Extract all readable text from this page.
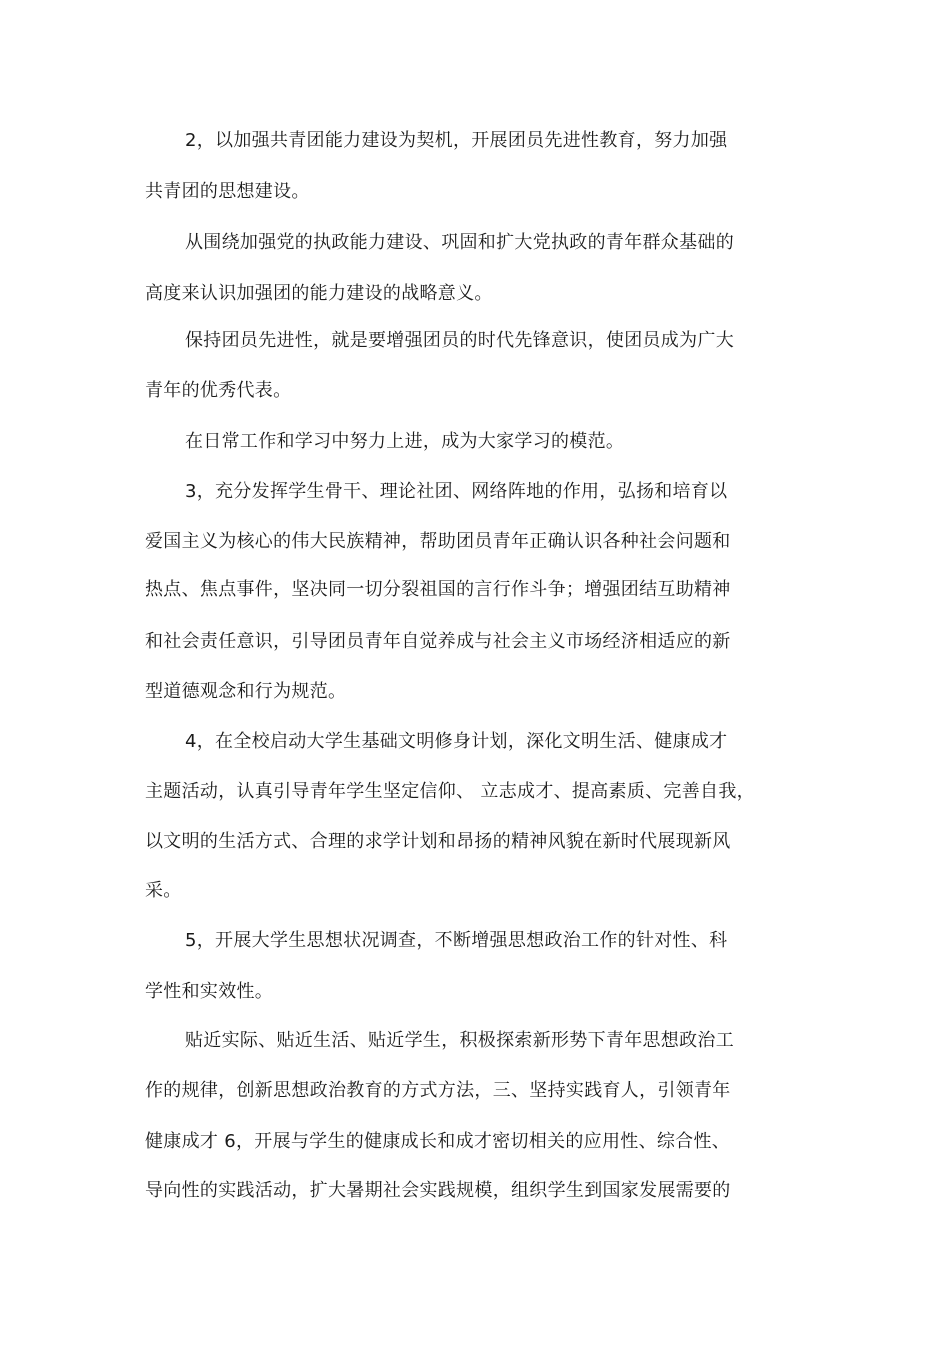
2，以加强共青团能力建设为契机，开展团员先进性教育，努力加强
共青团的思想建设。
从围绕加强党的执政能力建设、巩固和扩大党执政的青年群众基础的
高度来认识加强团的能力建设的战略意义。
保持团员先进性，就是要增强团员的时代先锋意识，使团员成为广大
青年的优秀代表。
在日常工作和学习中努力上进，成为大家学习的模范。
3，充分发挥学生骨干、理论社团、网络阵地的作用，弘扬和培育以
爱国主义为核心的伟大民族精神，帮助团员青年正确认识各种社会问题和
热点、焦点事件，坚决同一切分裂祖国的言行作斗争；增强团结互助精神
和社会责任意识，引导团员青年自觉养成与社会主义市场经济相适应的新
型道德观念和行为规范。
4，在全校启动大学生基础文明修身计划，深化文明生活、健康成才
主题活动，认真引导青年学生坚定信仰、 立志成才、提高素质、完善自我，
以文明的生活方式、合理的求学计划和昂扬的精神风貌在新时代展现新风
采。
5，开展大学生思想状况调查，不断增强思想政治工作的针对性、科
学性和实效性。
贴近实际、贴近生活、贴近学生，积极探索新形势下青年思想政治工
作的规律，创新思想政治教育的方式方法，三、坚持实践育人，引领青年
健康成才 6，开展与学生的健康成长和成才密切相关的应用性、综合性、
导向性的实践活动，扩大暑期社会实践规模，组织学生到国家发展需要的
